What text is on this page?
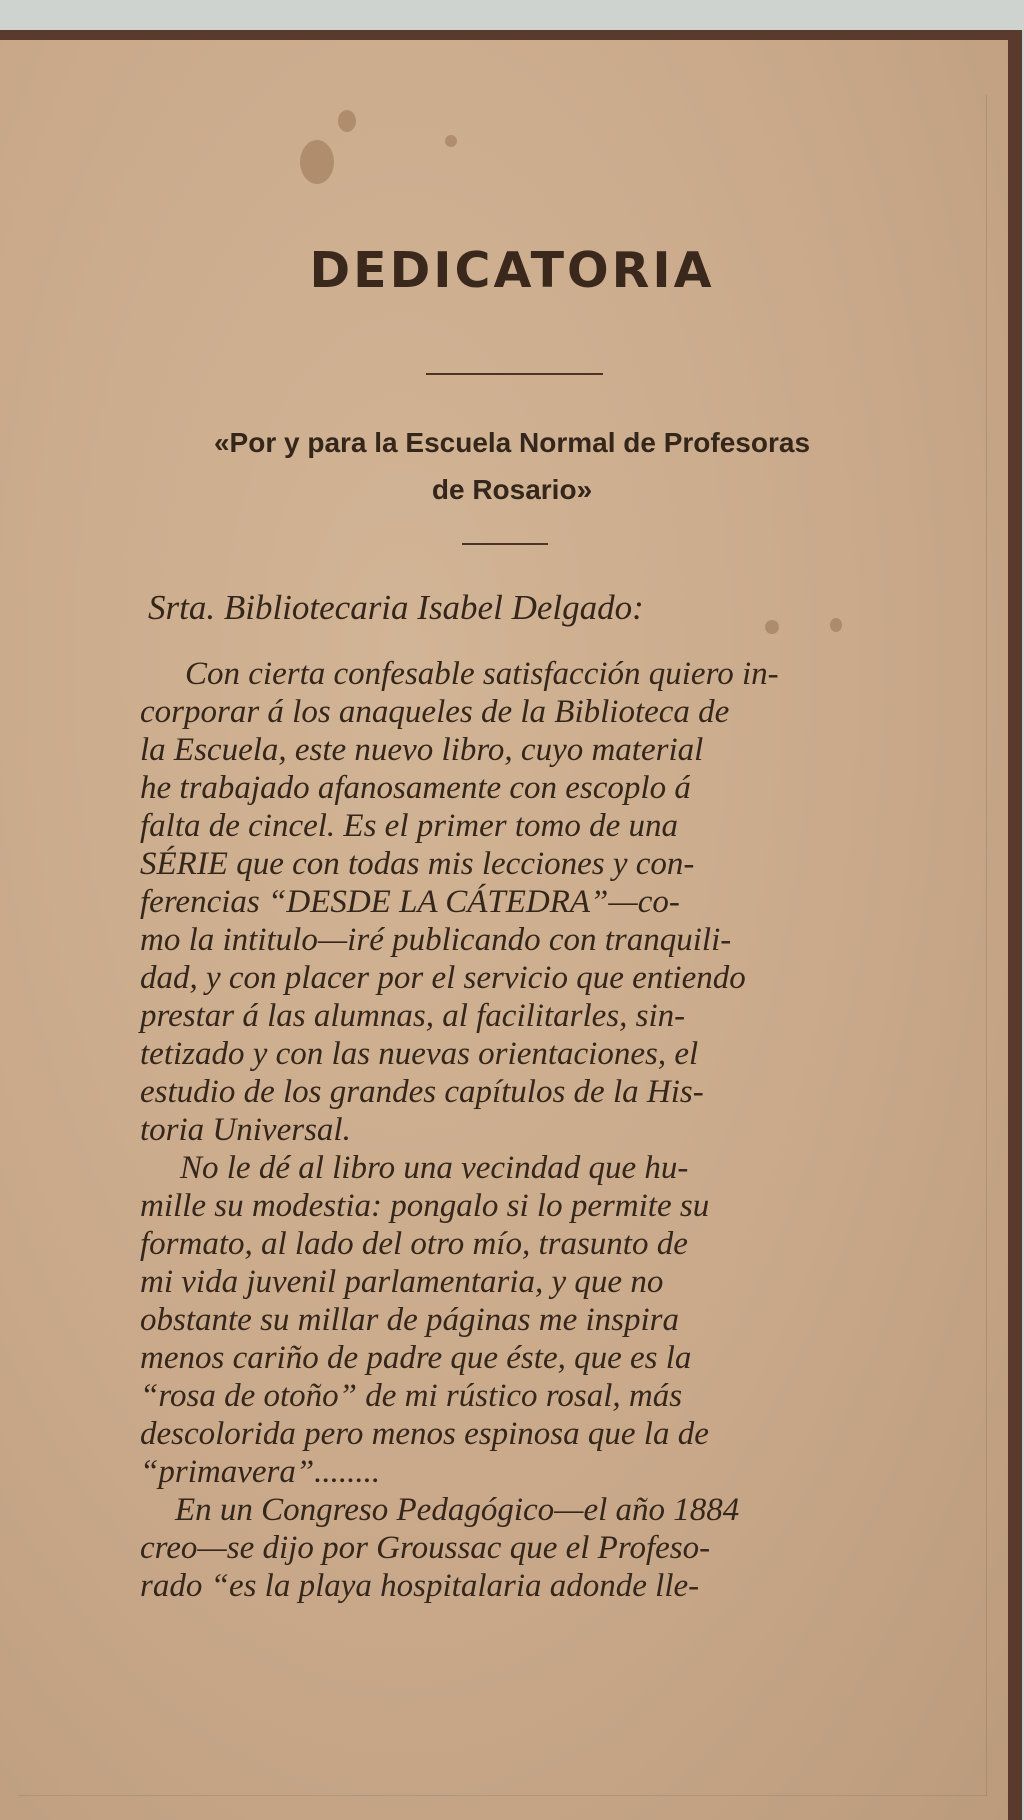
DEDICATORIA
«Por y para la Escuela Normal de Profesoras
de Rosario»
Srta. Bibliotecaria Isabel Delgado:
Con cierta confesable satisfacción quiero in-
corporar á los anaqueles de la Biblioteca de
la Escuela, este nuevo libro, cuyo material
he trabajado afanosamente con escoplo á
falta de cincel. Es el primer tomo de una
SÉRIE que con todas mis lecciones y con-
ferencias “DESDE LA CÁTEDRA”—co-
mo la intitulo—iré publicando con tranquili-
dad, y con placer por el servicio que entiendo
prestar á las alumnas, al facilitarles, sin-
tetizado y con las nuevas orientaciones, el
estudio de los grandes capítulos de la His-
toria Universal.
No le dé al libro una vecindad que hu-
mille su modestia: pongalo si lo permite su
formato, al lado del otro mío, trasunto de
mi vida juvenil parlamentaria, y que no
obstante su millar de páginas me inspira
menos cariño de padre que éste, que es la
“rosa de otoño” de mi rústico rosal, más
descolorida pero menos espinosa que la de
“primavera”........
En un Congreso Pedagógico—el año 1884
creo—se dijo por Groussac que el Profeso-
rado “es la playa hospitalaria adonde lle-
